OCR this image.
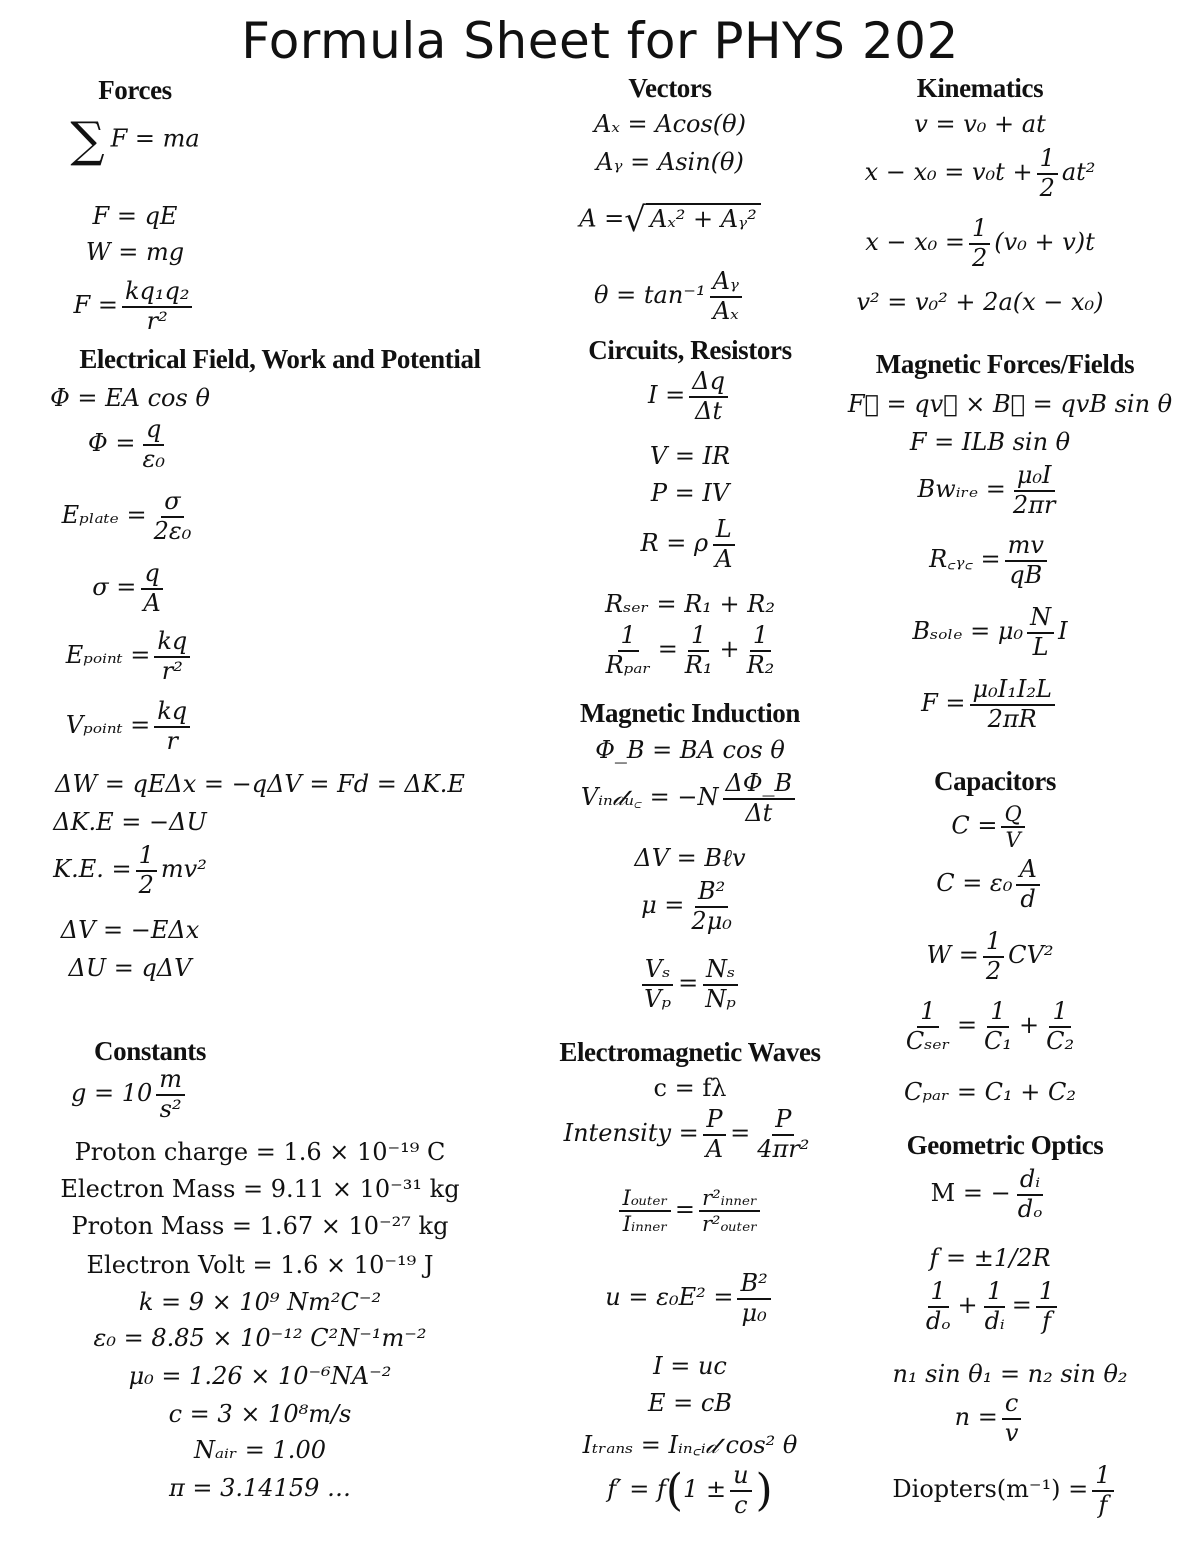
Formula Sheet for PHYS 202
Forces
∑ F = ma
F = qE
W = mg
$F = \frac{\text{kq₁q₂}}{\text{r²}}$
Electrical Field, Work and Potential
Φ = EA cos θ
$\Phi = \frac{q}{\text{ε₀}}$
$E_{plate} = \frac{\sigma}{\text{2ε₀}}$
$\sigma = \frac{q}{A}$
Eₚₒᵢₙₜ = $\frac{kq}{\text{r²}}$
Vₚₒᵢₙₜ = $\frac{kq}{r}$
ΔW = qEΔx = −qΔV = Fd = ΔK.E
ΔK.E = −ΔU
K.E. = $\frac{1}{2} mv^2$
ΔV = −EΔx
ΔU = qΔV
Constants
$g = 10 \frac{m}{\text{s²}}$
Proton charge = 1.6 × 10⁻¹⁹ C
Electron Mass = 9.11 × 10⁻³¹ kg
Proton Mass = 1.67 × 10⁻²⁷ kg
Electron Volt = 1.6 × 10⁻¹⁹ J
k = 9 × 10⁹ Nm²C⁻²
ε₀ = 8.85 × 10⁻¹² C²N⁻¹m⁻²
μ₀ = 1.26 × 10⁻⁶NA⁻²
c = 3 × 10⁸m/s
Nₐᵢᵣ = 1.00
π = 3.14159 …
Vectors
Aₓ = Acos(θ)
Aᵧ = Asin(θ)
A =√ Aₓ² + Aᵧ²
$\theta = \tan^{-1} \frac{\text{Aᵧ}}{\text{Aₓ}}$
Circuits, Resistors
$I = \frac{\Delta q}{\Delta t}$
V = IR
P = IV
R = ρ $\frac{L}{A}$
Rₛₑᵣ = R₁ + R₂
$\frac{1}{\text{Rₚₐᵣ}} = \frac{1}{\text{R₁}} + \frac{1}{\text{R₂}}$
Magnetic Induction
Φ_B = BA cos θ
Vᵢₙ𝒹ᵤ꜀ = $-N \frac{\Delta\Phi\_B}{\Delta t}$
ΔV = Bℓv
$\mu = \frac{\text{B²}}{\text{2μ₀}}$
$\frac{\text{Vₛ}}{\text{Vₚ}} = \frac{\text{Nₛ}}{\text{Nₚ}}$
Electromagnetic Waves
c = fλ
Intensity = $\frac{P}{A} = \frac{P}{\text{4πr²}}$
$\frac{\text{Iₒᵤₜₑᵣ}}{\text{Iᵢₙₙₑᵣ}} = \frac{\text{r²ᵢₙₙₑᵣ}}{\text{r²ₒᵤₜₑᵣ}}$
$u = \varepsilon_0E^2 = \frac{\text{B²}}{\text{μ₀}}$
I = uc
E = cB
Iₜᵣₐₙₛ = Iᵢₙ꜀ᵢ𝒹 cos² θ
$f' = f(1 \pm \frac{u}{c}$ )
Kinematics
v = v₀ + at
$x - x_0 = v_0t + \frac{1}{2} at^2$
$x - x_0 = \frac{1}{2} (v_0 + v)t$
v² = v₀² + 2a(x − x₀)
Magnetic Forces/Fields
F⃗ = qv⃗ × B⃗ = qvB sin θ
F = ILB sin θ
Bwᵢᵣₑ = $\frac{\text{μ₀I}}{2\pi r}$
R꜀ᵧ꜀ = $\frac{mv}{qB}$
$B_{sole} = \mu_0 \frac{N}{L}$ I
$F = \frac{\text{μ₀I₁I₂L}}{2\pi R}$
Capacitors
$C = \frac{Q}{V}$
$C = \varepsilon_0 \frac{A}{d}$
$W = \frac{1}{2} CV^2$
$\frac{1}{\text{Cₛₑᵣ}} = \frac{1}{\text{C₁}} + \frac{1}{\text{C₂}}$
Cₚₐᵣ = C₁ + C₂
Geometric Optics
M = − $\frac{\text{dᵢ}}{\text{dₒ}}$
f = ±1/2R
$\frac{1}{\text{dₒ}} + \frac{1}{\text{dᵢ}} = \frac{1}{f}$
n₁ sin θ₁ = n₂ sin θ₂
$n = \frac{c}{v}$
Diopters(m⁻¹) = $\frac{1}{f}$
